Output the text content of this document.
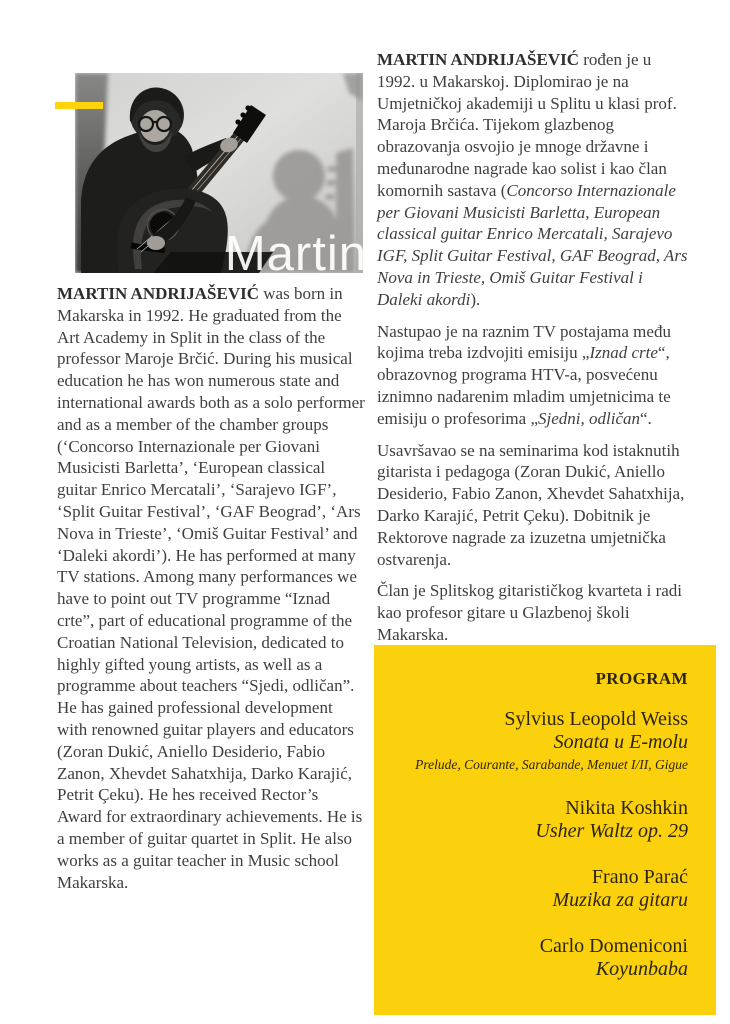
Martin

MARTIN ANDRIJAŠEVIĆ was born in Makarska in 1992. He graduated from the Art Academy in Split in the class of the professor Maroje Brčić. During his musical education he has won numerous state and international awards both as a solo performer and as a member of the chamber groups (‘Concorso Internazionale per Giovani Musicisti Barletta’, ‘European classical guitar Enrico Mercatali’, ‘Sarajevo IGF’, ‘Split Guitar Festival’, ‘GAF Beograd’, ‘Ars Nova in Trieste’, ‘Omiš Guitar Festival’ and ‘Daleki akordi’). He has performed at many TV stations. Among many performances we have to point out TV programme “Iznad crte”, part of educational programme of the Croatian National Television, dedicated to highly gifted young artists, as well as a programme about teachers “Sjedi, odličan”. He has gained professional development with renowned guitar players and educators (Zoran Dukić, Aniello Desiderio, Fabio Zanon, Xhevdet Sahatxhija, Darko Karajić, Petrit Çeku). He hes received Rector’s Award for extraordinary achievements. He is a member of guitar quartet in Split. He also works as a guitar teacher in Music school Makarska.

MARTIN ANDRIJAŠEVIĆ rođen je u 1992. u Makarskoj. Diplomirao je na Umjetničkoj akademiji u Splitu u klasi prof. Maroja Brčića. Tijekom glazbenog obrazovanja osvojio je mnoge državne i međunarodne nagrade kao solist i kao član komornih sastava (Concorso Internazionale per Giovani Musicisti Barletta, European classical guitar Enrico Mercatali, Sarajevo IGF, Split Guitar Festival, GAF Beograd, Ars Nova in Trieste, Omiš Guitar Festival i Daleki akordi).

Nastupao je na raznim TV postajama među kojima treba izdvojiti emisiju „Iznad crte“, obrazovnog programa HTV-a, posvećenu iznimno nadarenim mladim umjetnicima te emisiju o profesorima „Sjedni, odličan“.

Usavršavao se na seminarima kod istaknutih gitarista i pedagoga (Zoran Dukić, Aniello Desiderio, Fabio Zanon, Xhevdet Sahatxhija, Darko Karajić, Petrit Çeku). Dobitnik je Rektorove nagrade za izuzetna umjetnička ostvarenja.

Član je Splitskog gitarističkog kvarteta i radi kao profesor gitare u Glazbenoj školi Makarska.

PROGRAM
Sylvius Leopold Weiss
Sonata u E-molu
Prelude, Courante, Sarabande, Menuet I/II, Gigue
Nikita Koshkin
Usher Waltz op. 29
Frano Parać
Muzika za gitaru
Carlo Domeniconi
Koyunbaba
